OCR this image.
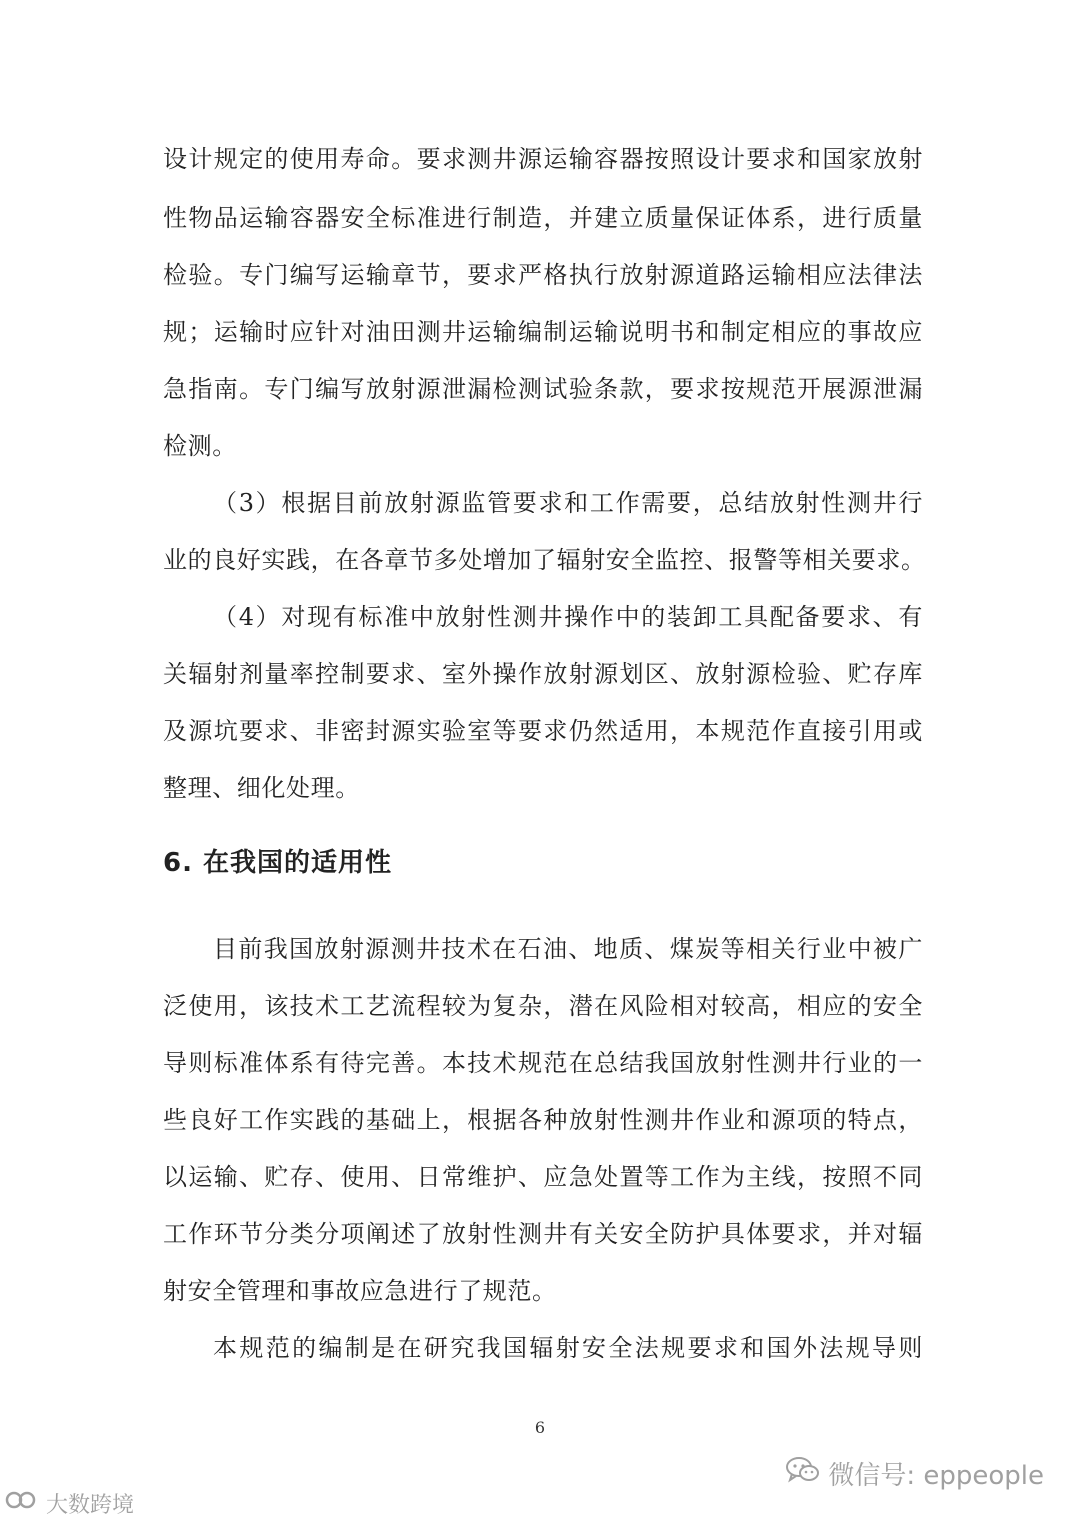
设计规定的使用寿命。要求测井源运输容器按照设计要求和国家放射
性物品运输容器安全标准进行制造，并建立质量保证体系，进行质量
检验。专门编写运输章节，要求严格执行放射源道路运输相应法律法
规；运输时应针对油田测井运输编制运输说明书和制定相应的事故应
急指南。专门编写放射源泄漏检测试验条款，要求按规范开展源泄漏
检测。
（3）根据目前放射源监管要求和工作需要，总结放射性测井行
业的良好实践，在各章节多处增加了辐射安全监控、报警等相关要求。
（4）对现有标准中放射性测井操作中的装卸工具配备要求、有
关辐射剂量率控制要求、室外操作放射源划区、放射源检验、贮存库
及源坑要求、非密封源实验室等要求仍然适用，本规范作直接引用或
整理、细化处理。
6. 在我国的适用性
目前我国放射源测井技术在石油、地质、煤炭等相关行业中被广
泛使用，该技术工艺流程较为复杂，潜在风险相对较高，相应的安全
导则标准体系有待完善。本技术规范在总结我国放射性测井行业的一
些良好工作实践的基础上，根据各种放射性测井作业和源项的特点，
以运输、贮存、使用、日常维护、应急处置等工作为主线，按照不同
工作环节分类分项阐述了放射性测井有关安全防护具体要求，并对辐
射安全管理和事故应急进行了规范。
本规范的编制是在研究我国辐射安全法规要求和国外法规导则
6
微信号: eppeople
大数跨境
